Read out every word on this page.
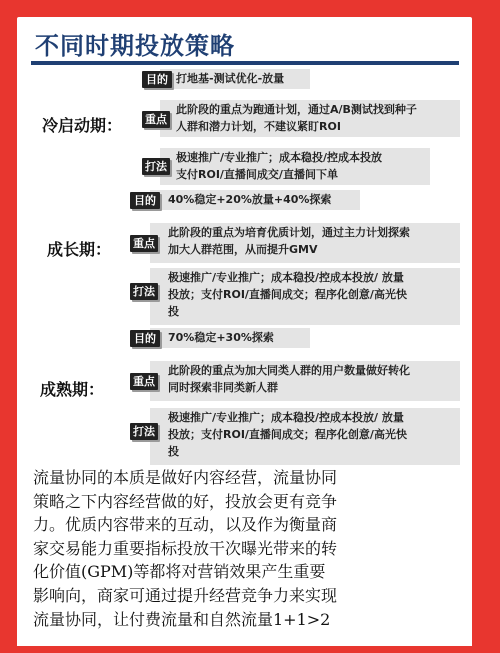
不同时期投放策略
冷启动期：
目的 打地基-测试优化-放量
重点
此阶段的重点为跑通计划，通过A/B测试找到种子
人群和潜力计划，不建议紧盯ROI
打法
极速推广/专业推广；成本稳投/控成本投放
支付ROI/直播间成交/直播间下单
成长期：
目的	40%稳定+20%放量+40%探索
重点
此阶段的重点为培育优质计划，通过主力计划探索
加大人群范围，从而提升GMV
打法
极速推广/专业推广；成本稳投/控成本投放/ 放量
投放；支付ROI/直播间成交；程序化创意/高光快
投
成熟期：
目的	70%稳定+30%探索
重点
此阶段的重点为加大同类人群的用户数量做好转化
同时探索非同类新人群
打法
极速推广/专业推广；成本稳投/控成本投放/ 放量
投放；支付ROI/直播间成交；程序化创意/高光快
投
流量协同的本质是做好内容经营，流量协同
策略之下内容经营做的好，投放会更有竞争
力。优质内容带来的互动，以及作为衡量商
家交易能力重要指标投放干次曝光带来的转
化价值(GPM)等都将对营销效果产生重要
影响向，商家可通过提升经营竞争力来实现
流量协同，让付费流量和自然流量1+1>2
